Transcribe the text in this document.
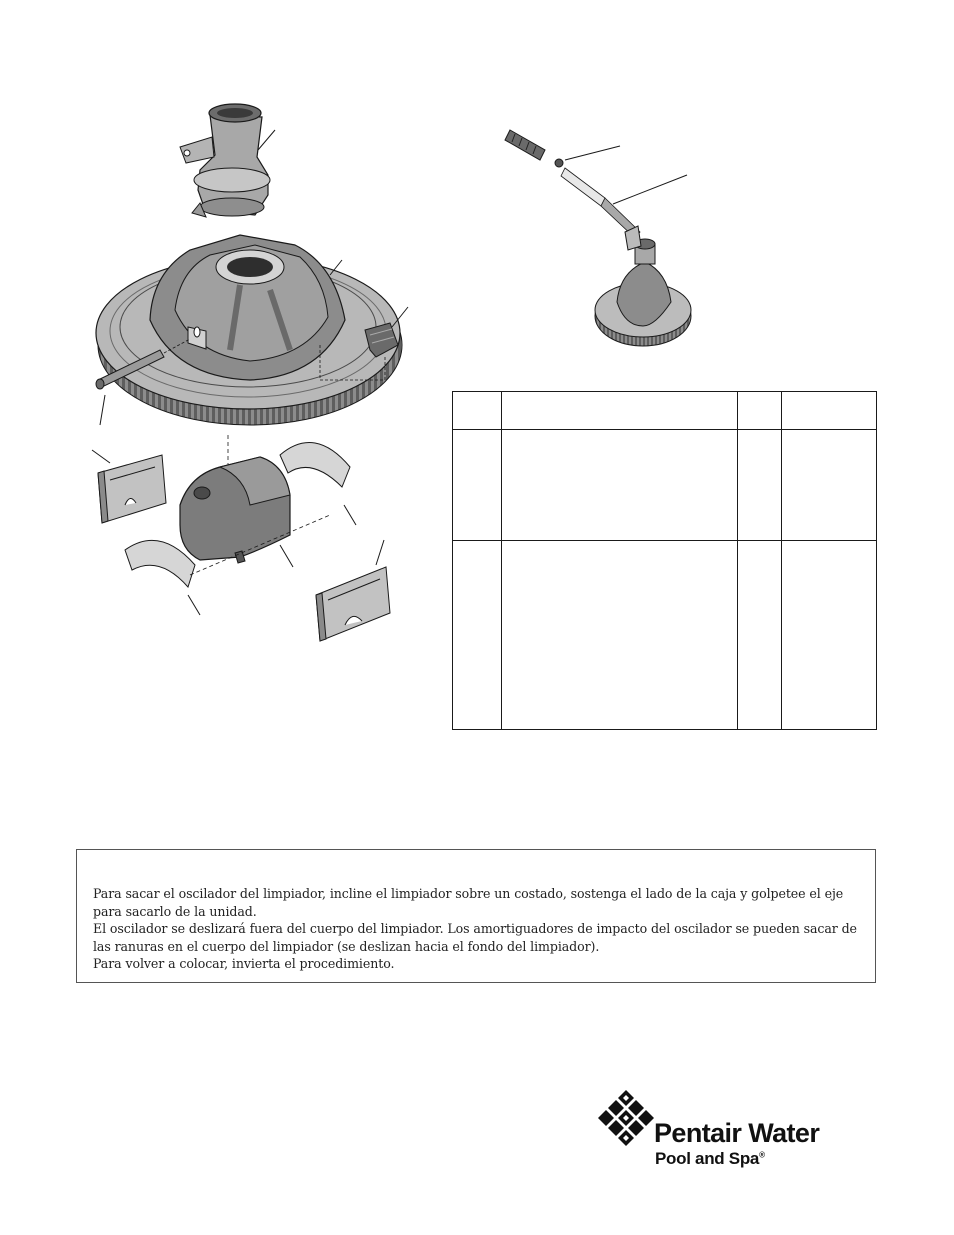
Para sacar el oscilador del limpiador, incline el limpiador sobre un costado, sostenga el lado de la caja y golpetee el eje para sacarlo de la unidad.

El oscilador se deslizará fuera del cuerpo del limpiador. Los amortiguadores de impacto del oscilador se pueden sacar de las ranuras en el cuerpo del limpiador (se deslizan hacia el fondo del limpiador).

Para volver a colocar, invierta el procedimiento.

Pentair Water
Pool and Spa®
